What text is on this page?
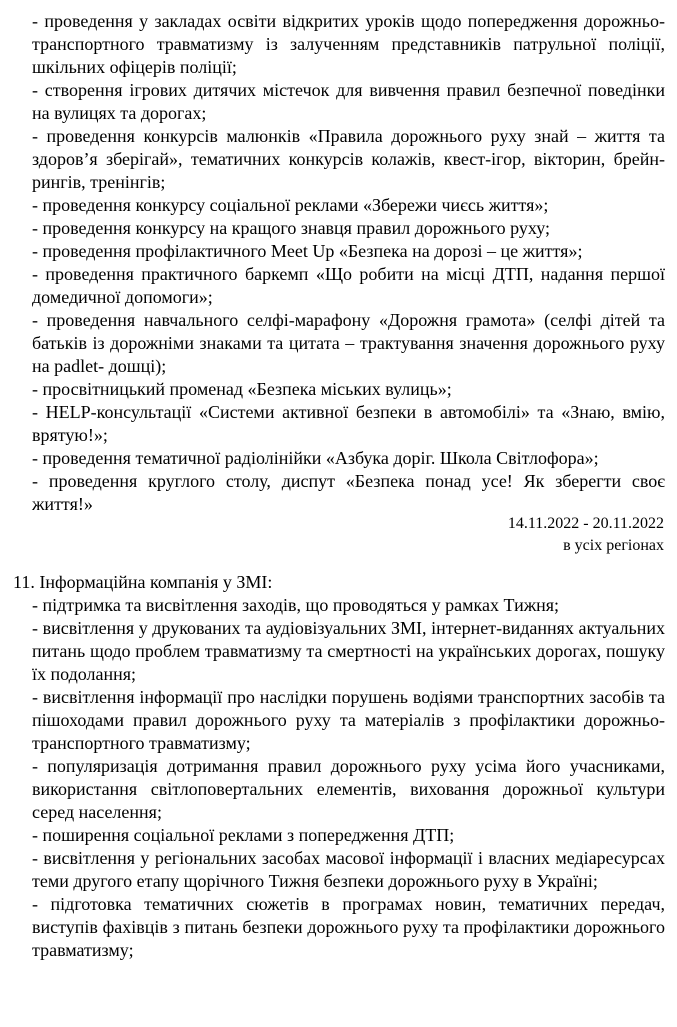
- проведення у закладах освіти відкритих уроків щодо попередження дорожньо-транспортного травматизму із залученням представників патрульної поліції, шкільних офіцерів поліції;

- створення ігрових дитячих містечок для вивчення правил безпечної поведінки на вулицях та дорогах;

- проведення конкурсів малюнків «Правила дорожнього руху знай – життя та здоров’я зберігай», тематичних конкурсів колажів, квест-ігор, вікторин, брейн-рингів, тренінгів;

- проведення конкурсу соціальної реклами «Збережи чиєсь життя»;

- проведення конкурсу на кращого знавця правил дорожнього руху;

- проведення профілактичного Meet Up «Безпека на дорозі – це життя»;

- проведення практичного баркемп «Що робити на місці ДТП, надання першої домедичної допомоги»;

- проведення навчального селфі-марафону «Дорожня грамота» (селфі дітей та батьків із дорожніми знаками та цитата – трактування значення дорожнього руху на padlet- дошці);

- просвітницький променад «Безпека міських вулиць»;

- HELP-консультації «Системи активної безпеки в автомобілі» та «Знаю, вмію, врятую!»;

- проведення тематичної радіолінійки «Азбука доріг. Школа Світлофора»;

- проведення круглого столу, диспут «Безпека понад усе! Як зберегти своє життя!»

14.11.2022 - 20.11.2022
в усіх регіонах

11. Інформаційна компанія у ЗМІ:

- підтримка та висвітлення заходів, що проводяться у рамках Тижня;

- висвітлення у друкованих та аудіовізуальних ЗМІ, інтернет-виданнях актуальних питань щодо проблем травматизму та смертності на українських дорогах, пошуку їх подолання;

- висвітлення інформації про наслідки порушень водіями транспортних засобів та пішоходами правил дорожнього руху та матеріалів з профілактики дорожньо-транспортного травматизму;

- популяризація дотримання правил дорожнього руху усіма його учасниками, використання світлоповертальних елементів, виховання дорожньої культури серед населення;

- поширення соціальної реклами з попередження ДТП;

- висвітлення у регіональних засобах масової інформації і власних медіаресурсах теми другого етапу щорічного Тижня безпеки дорожнього руху в Україні;

- підготовка тематичних сюжетів в програмах новин, тематичних передач, виступів фахівців з питань безпеки дорожнього руху та профілактики дорожнього травматизму;
